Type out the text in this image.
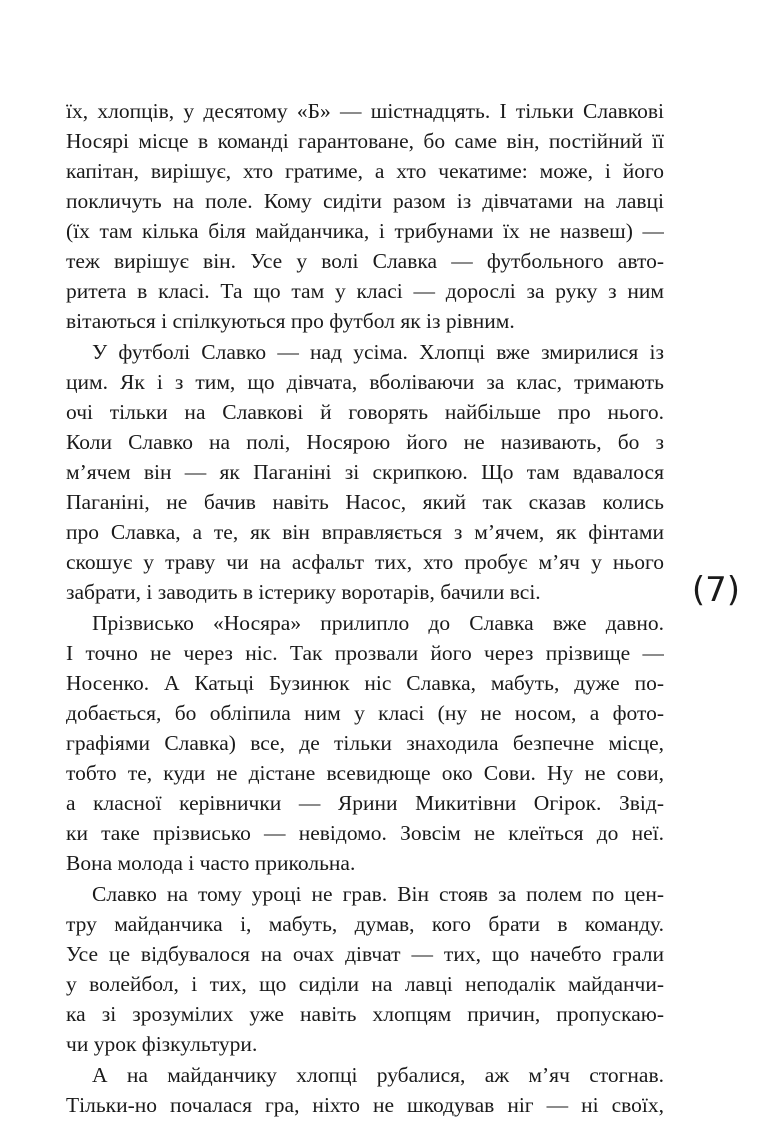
їх, хлопців, у десятому «Б» — шістнадцять. І тільки Славкові
Носярі місце в команді гарантоване, бо саме він, постійний її
капітан, вирішує, хто гратиме, а хто чекатиме: може, і його
покличуть на поле. Кому сидіти разом із дівчатами на лавці
(їх там кілька біля майданчика, і трибунами їх не назвеш) —
теж вирішує він. Усе у волі Славка — футбольного авто-
ритета в класі. Та що там у класі — дорослі за руку з ним
вітаються і спілкуються про футбол як із рівним.
У футболі Славко — над усіма. Хлопці вже змирилися із
цим. Як і з тим, що дівчата, вболіваючи за клас, тримають
очі тільки на Славкові й говорять найбільше про нього.
Коли Славко на полі, Носярою його не називають, бо з
м’ячем він — як Паганіні зі скрипкою. Що там вдавалося
Паганіні, не бачив навіть Насос, який так сказав колись
про Славка, а те, як він вправляється з м’ячем, як фінтами
скошує у траву чи на асфальт тих, хто пробує м’яч у нього
забрати, і заводить в істерику воротарів, бачили всі.
Прізвисько «Носяра» прилипло до Славка вже давно.
І точно не через ніс. Так прозвали його через прізвище —
Носенко. А Катьці Бузинюк ніс Славка, мабуть, дуже по-
добається, бо обліпила ним у класі (ну не носом, а фото-
графіями Славка) все, де тільки знаходила безпечне місце,
тобто те, куди не дістане всевидюще око Сови. Ну не сови,
а класної керівнички — Ярини Микитівни Огірок. Звід-
ки таке прізвисько — невідомо. Зовсім не клеїться до неї.
Вона молода і часто прикольна.
Славко на тому уроці не грав. Він стояв за полем по цен-
тру майданчика і, мабуть, думав, кого брати в команду.
Усе це відбувалося на очах дівчат — тих, що начебто грали
у волейбол, і тих, що сиділи на лавці неподалік майданчи-
ка зі зрозумілих уже навіть хлопцям причин, пропускаю-
чи урок фізкультури.
А на майданчику хлопці рубалися, аж м’яч стогнав.
Тільки-но почалася гра, ніхто не шкодував ніг — ні своїх,
(7)
